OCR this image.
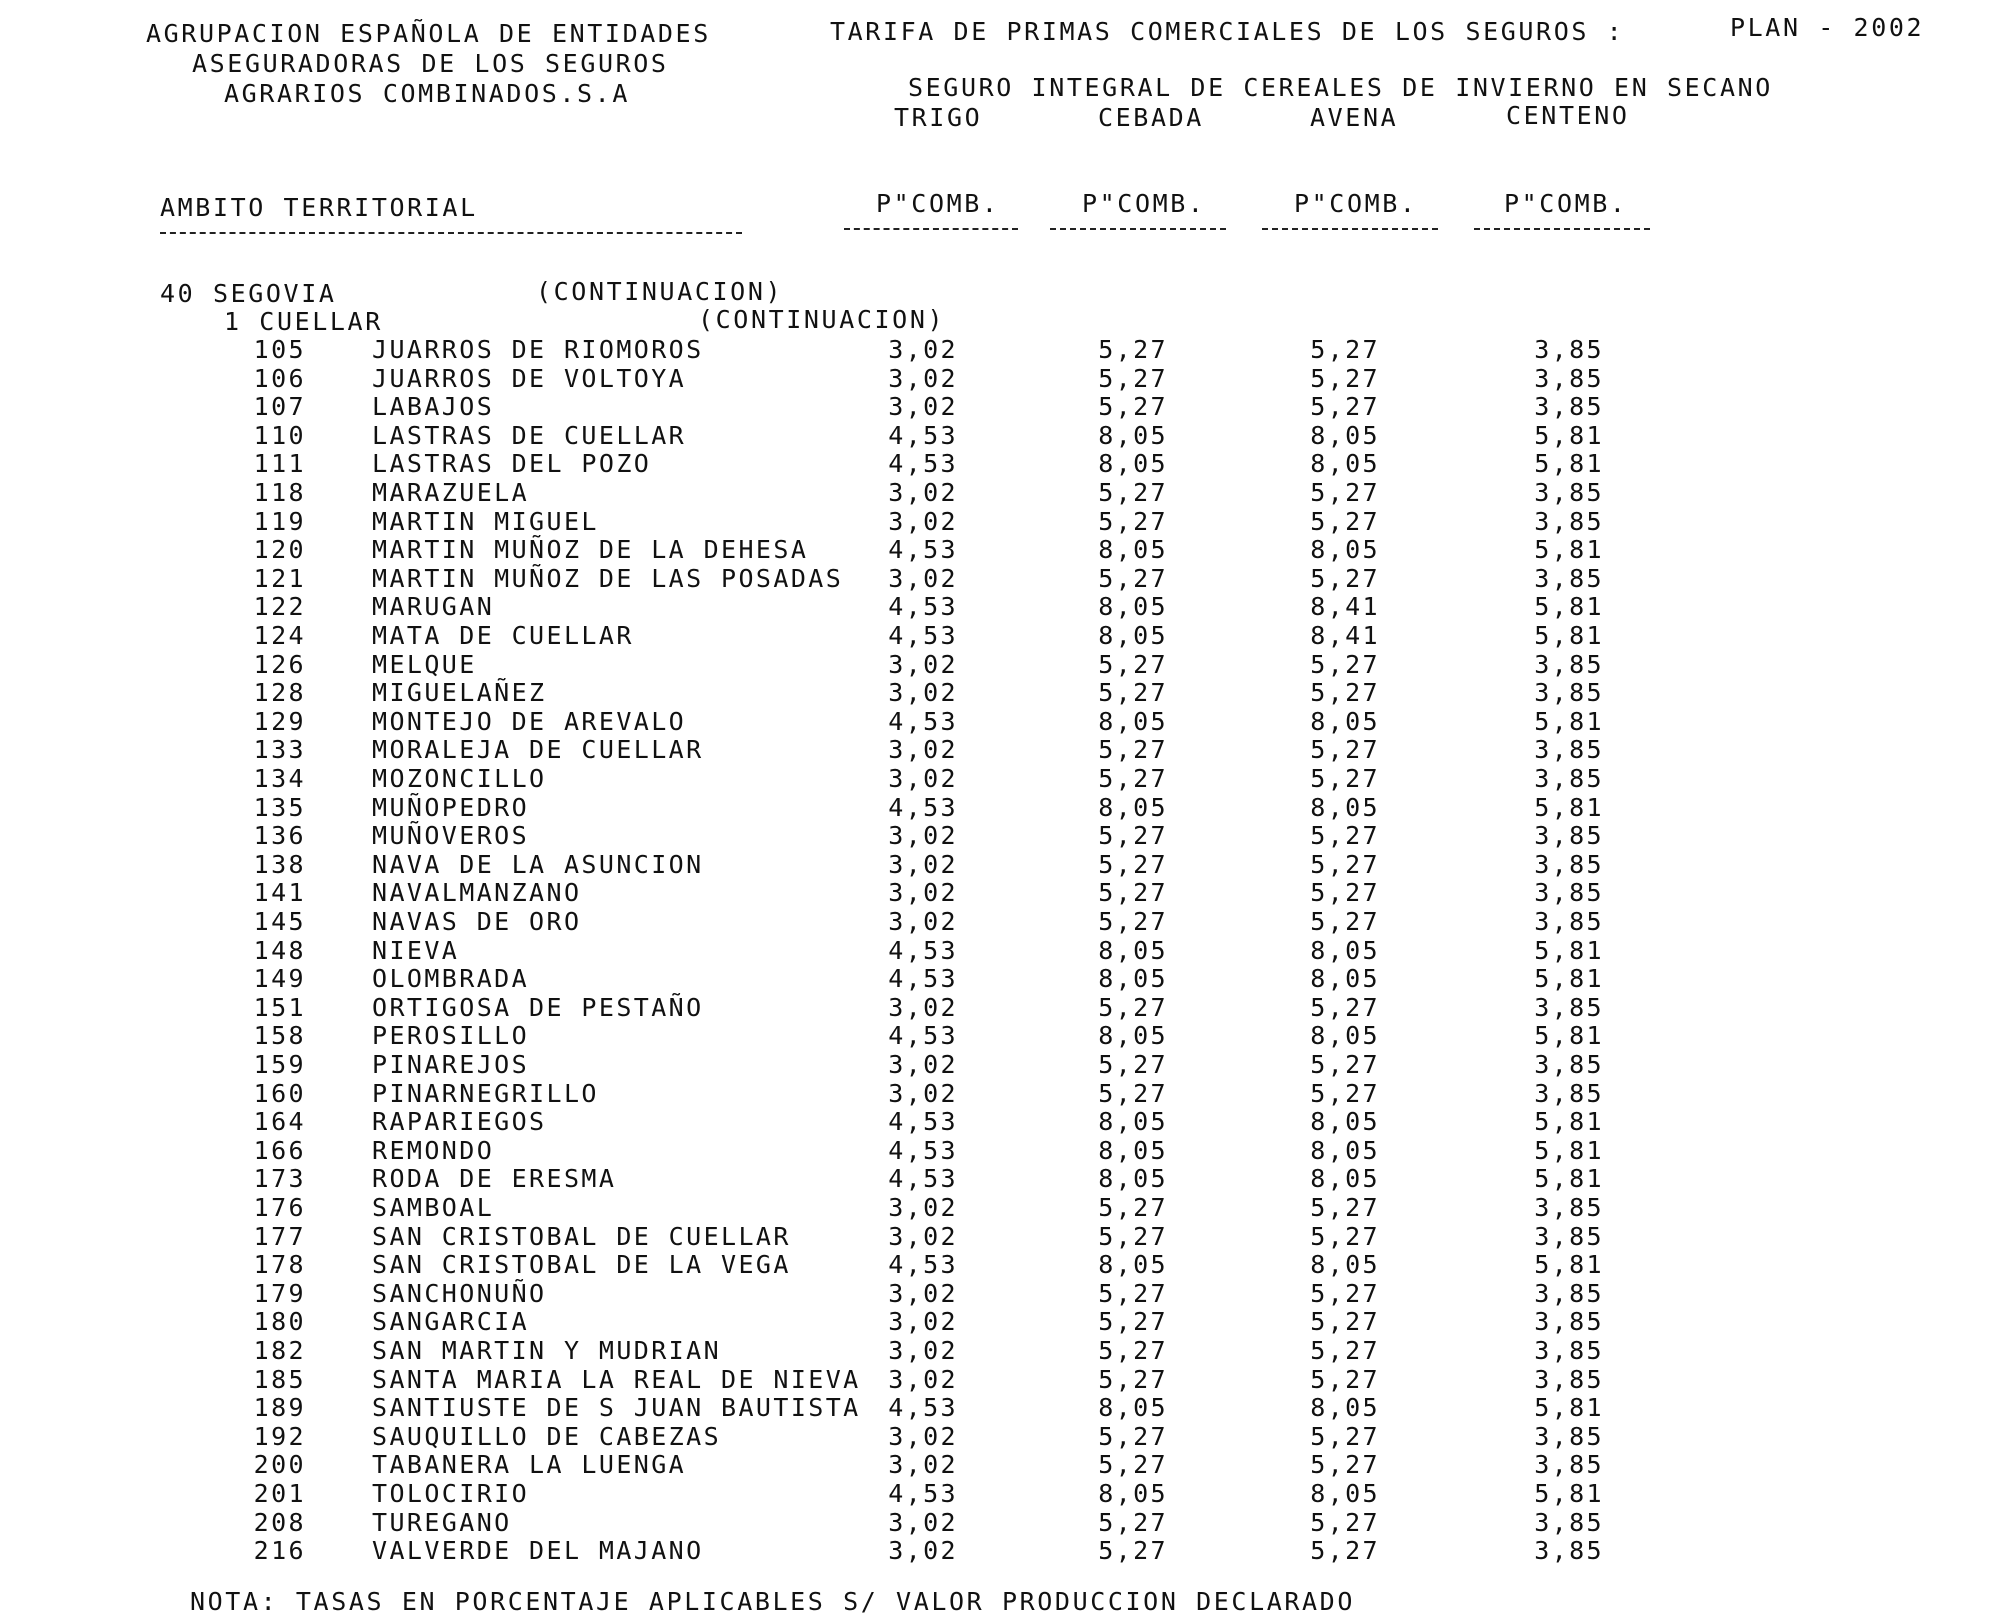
AGRUPACION ESPAÑOLA DE ENTIDADES
ASEGURADORAS DE LOS SEGUROS
AGRARIOS COMBINADOS.S.A
TARIFA DE PRIMAS COMERCIALES DE LOS SEGUROS :	PLAN - 2002
SEGURO INTEGRAL DE CEREALES DE INVIERNO EN SECANO
TRIGO	CEBADA	AVENA	CENTENO
AMBITO TERRITORIAL	P"COMB.	P"COMB.	P"COMB.	P"COMB.
40 SEGOVIA	(CONTINUACION)
1 CUELLAR	(CONTINUACION)
105	JUARROS DE RIOMOROS	3,02	5,27	5,27	3,85
106	JUARROS DE VOLTOYA	3,02	5,27	5,27	3,85
107	LABAJOS	3,02	5,27	5,27	3,85
110	LASTRAS DE CUELLAR	4,53	8,05	8,05	5,81
111	LASTRAS DEL POZO	4,53	8,05	8,05	5,81
118	MARAZUELA	3,02	5,27	5,27	3,85
119	MARTIN MIGUEL	3,02	5,27	5,27	3,85
120	MARTIN MUÑOZ DE LA DEHESA	4,53	8,05	8,05	5,81
121	MARTIN MUÑOZ DE LAS POSADAS	3,02	5,27	5,27	3,85
122	MARUGAN	4,53	8,05	8,41	5,81
124	MATA DE CUELLAR	4,53	8,05	8,41	5,81
126	MELQUE	3,02	5,27	5,27	3,85
128	MIGUELAÑEZ	3,02	5,27	5,27	3,85
129	MONTEJO DE AREVALO	4,53	8,05	8,05	5,81
133	MORALEJA DE CUELLAR	3,02	5,27	5,27	3,85
134	MOZONCILLO	3,02	5,27	5,27	3,85
135	MUÑOPEDRO	4,53	8,05	8,05	5,81
136	MUÑOVEROS	3,02	5,27	5,27	3,85
138	NAVA DE LA ASUNCION	3,02	5,27	5,27	3,85
141	NAVALMANZANO	3,02	5,27	5,27	3,85
145	NAVAS DE ORO	3,02	5,27	5,27	3,85
148	NIEVA	4,53	8,05	8,05	5,81
149	OLOMBRADA	4,53	8,05	8,05	5,81
151	ORTIGOSA DE PESTAÑO	3,02	5,27	5,27	3,85
158	PEROSILLO	4,53	8,05	8,05	5,81
159	PINAREJOS	3,02	5,27	5,27	3,85
160	PINARNEGRILLO	3,02	5,27	5,27	3,85
164	RAPARIEGOS	4,53	8,05	8,05	5,81
166	REMONDO	4,53	8,05	8,05	5,81
173	RODA DE ERESMA	4,53	8,05	8,05	5,81
176	SAMBOAL	3,02	5,27	5,27	3,85
177	SAN CRISTOBAL DE CUELLAR	3,02	5,27	5,27	3,85
178	SAN CRISTOBAL DE LA VEGA	4,53	8,05	8,05	5,81
179	SANCHONUÑO	3,02	5,27	5,27	3,85
180	SANGARCIA	3,02	5,27	5,27	3,85
182	SAN MARTIN Y MUDRIAN	3,02	5,27	5,27	3,85
185	SANTA MARIA LA REAL DE NIEVA	3,02	5,27	5,27	3,85
189	SANTIUSTE DE S JUAN BAUTISTA	4,53	8,05	8,05	5,81
192	SAUQUILLO DE CABEZAS	3,02	5,27	5,27	3,85
200	TABANERA LA LUENGA	3,02	5,27	5,27	3,85
201	TOLOCIRIO	4,53	8,05	8,05	5,81
208	TUREGANO	3,02	5,27	5,27	3,85
216	VALVERDE DEL MAJANO	3,02	5,27	5,27	3,85
NOTA: TASAS EN PORCENTAJE APLICABLES S/ VALOR PRODUCCION DECLARADO
